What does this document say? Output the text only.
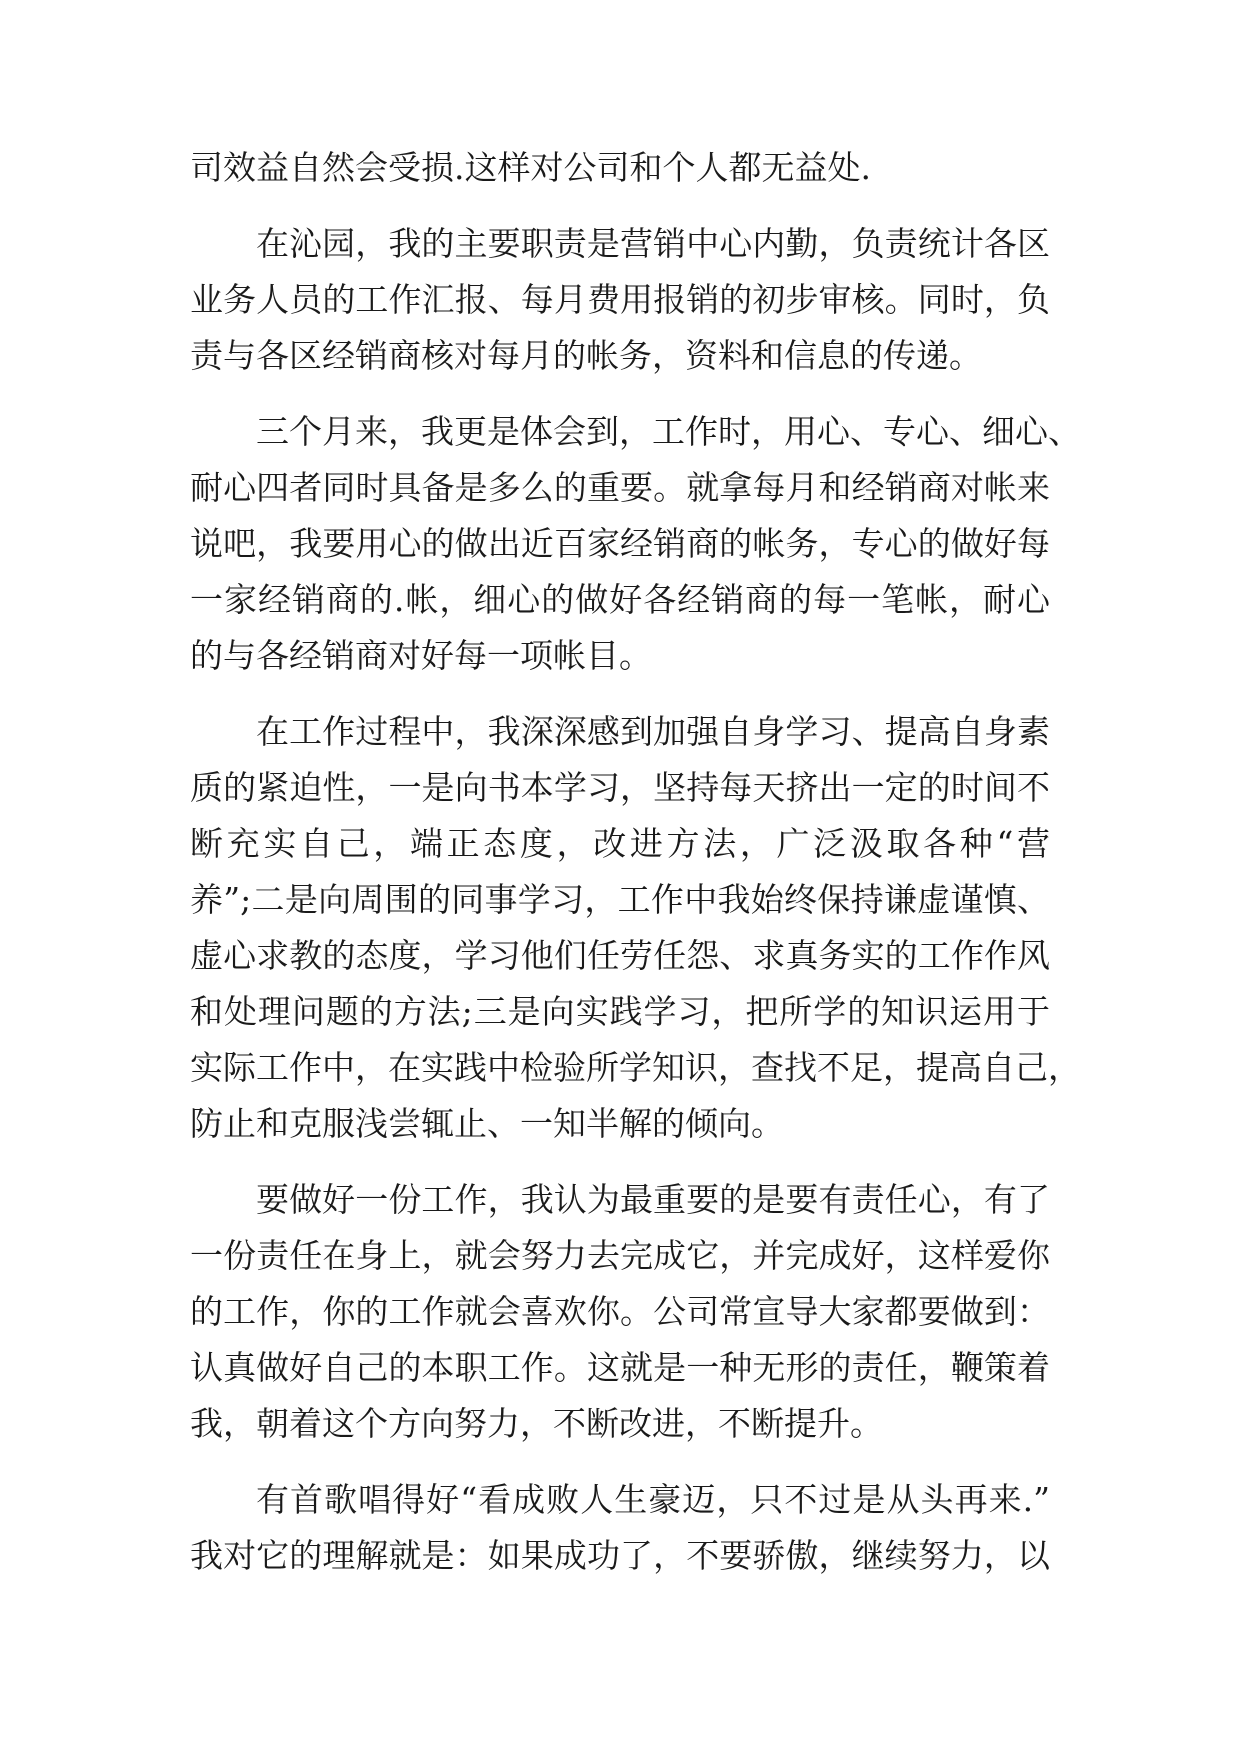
司效益自然会受损.这样对公司和个人都无益处.
在沁园，我的主要职责是营销中心内勤，负责统计各区
业务人员的工作汇报、每月费用报销的初步审核。同时，负
责与各区经销商核对每月的帐务，资料和信息的传递。
三个月来，我更是体会到，工作时，用心、专心、细心、
耐心四者同时具备是多么的重要。就拿每月和经销商对帐来
说吧，我要用心的做出近百家经销商的帐务，专心的做好每
一家经销商的.帐，细心的做好各经销商的每一笔帐，耐心
的与各经销商对好每一项帐目。
在工作过程中，我深深感到加强自身学习、提高自身素
质的紧迫性，一是向书本学习，坚持每天挤出一定的时间不
断充实自己，端正态度，改进方法，广泛汲取各种“营
养”;二是向周围的同事学习，工作中我始终保持谦虚谨慎、
虚心求教的态度，学习他们任劳任怨、求真务实的工作作风
和处理问题的方法;三是向实践学习，把所学的知识运用于
实际工作中，在实践中检验所学知识，查找不足，提高自己，
防止和克服浅尝辄止、一知半解的倾向。
要做好一份工作，我认为最重要的是要有责任心，有了
一份责任在身上，就会努力去完成它，并完成好，这样爱你
的工作，你的工作就会喜欢你。公司常宣导大家都要做到：
认真做好自己的本职工作。这就是一种无形的责任，鞭策着
我，朝着这个方向努力，不断改进，不断提升。
有首歌唱得好“看成败人生豪迈，只不过是从头再来.”
我对它的理解就是：如果成功了，不要骄傲，继续努力，以
